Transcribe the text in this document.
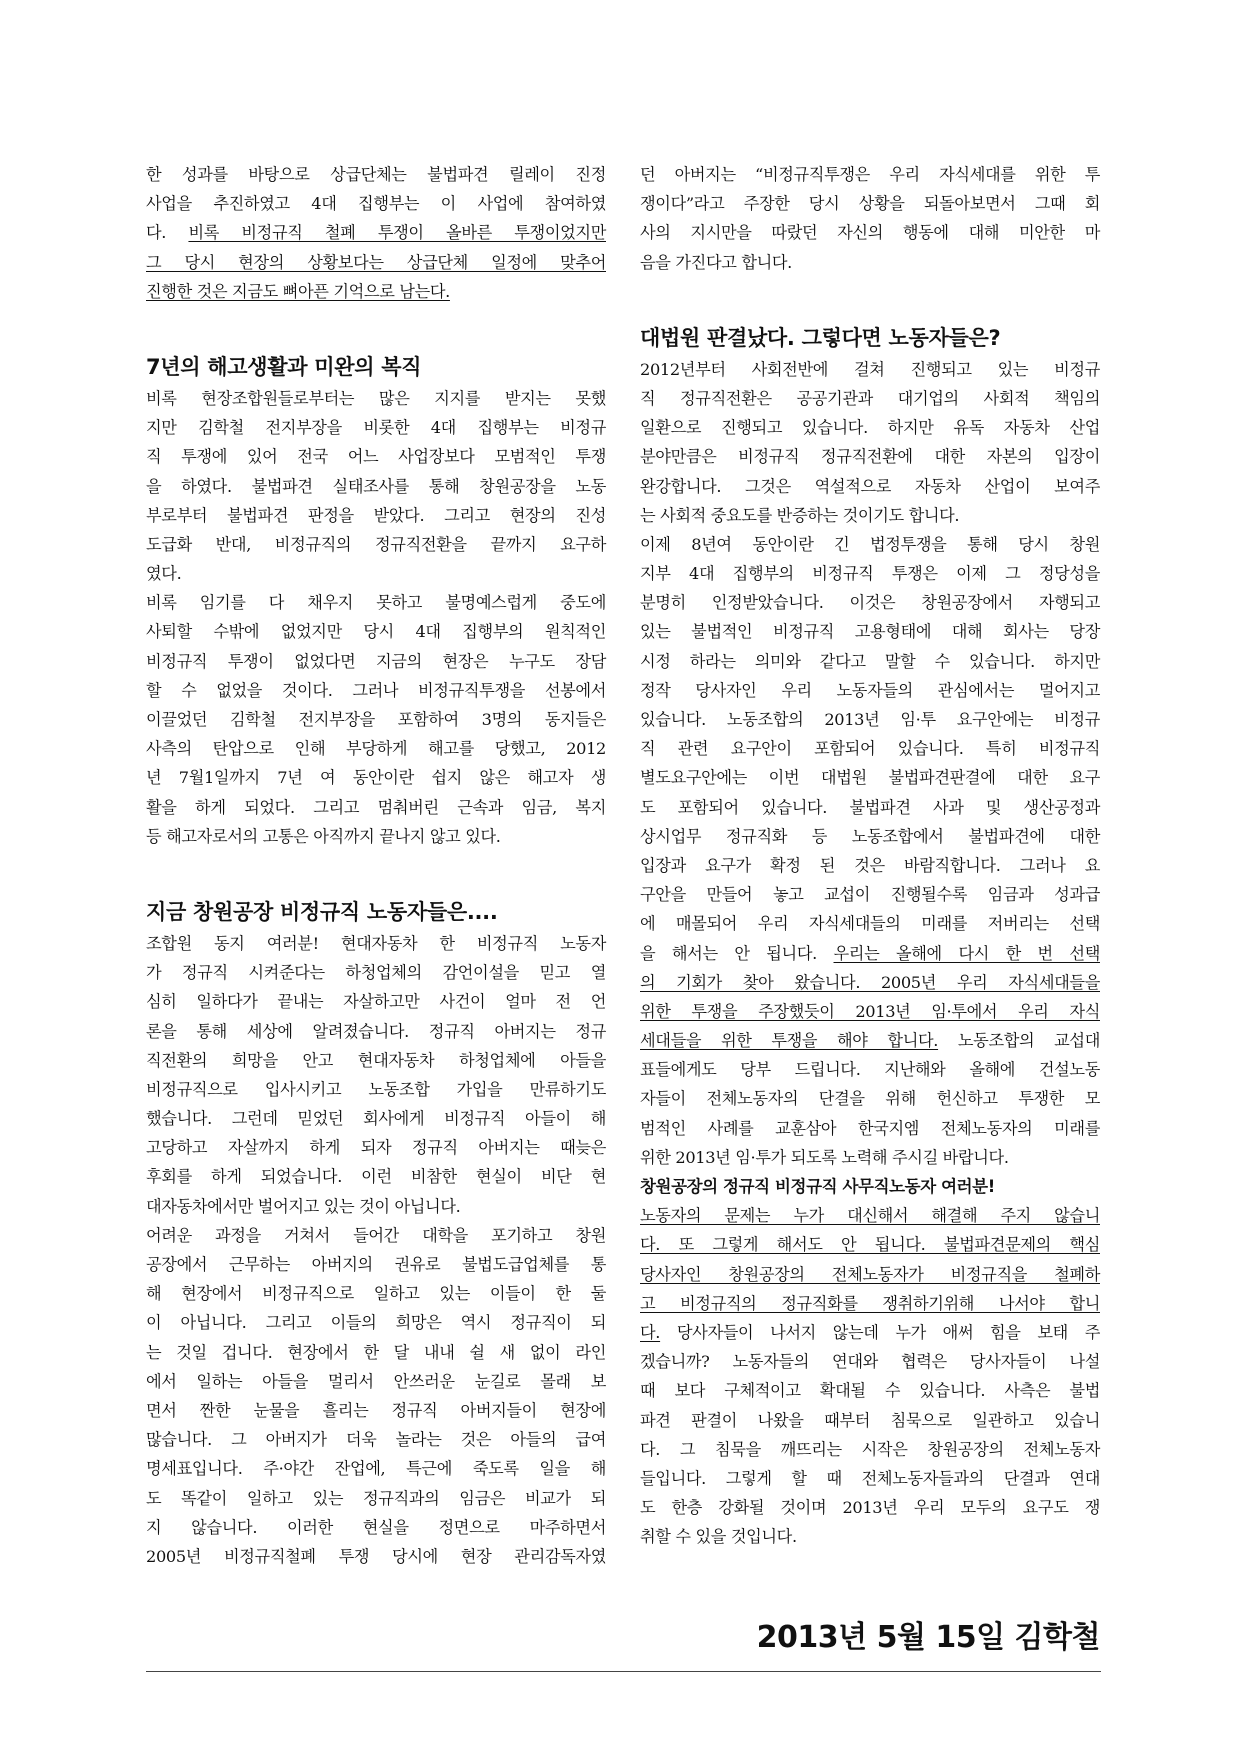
한 성과를 바탕으로 상급단체는 불법파견 릴레이 진정

사업을 추진하였고 4대 집행부는 이 사업에 참여하였

다. 비록 비정규직 철폐 투쟁이 올바른 투쟁이었지만

그 당시 현장의 상황보다는 상급단체 일정에 맞추어

진행한 것은 지금도 뼈아픈 기억으로 남는다.

7년의 해고생활과 미완의 복직

비록 현장조합원들로부터는 많은 지지를 받지는 못했

지만 김학철 전지부장을 비롯한 4대 집행부는 비정규

직 투쟁에 있어 전국 어느 사업장보다 모범적인 투쟁

을 하였다. 불법파견 실태조사를 통해 창원공장을 노동

부로부터 불법파견 판정을 받았다. 그리고 현장의 진성

도급화 반대, 비정규직의 정규직전환을 끝까지 요구하

였다.

비록 임기를 다 채우지 못하고 불명예스럽게 중도에

사퇴할 수밖에 없었지만 당시 4대 집행부의 원칙적인

비정규직 투쟁이 없었다면 지금의 현장은 누구도 장담

할 수 없었을 것이다. 그러나 비정규직투쟁을 선봉에서

이끌었던 김학철 전지부장을 포함하여 3명의 동지들은

사측의 탄압으로 인해 부당하게 해고를 당했고, 2012

년 7월1일까지 7년 여 동안이란 쉽지 않은 해고자 생

활을 하게 되었다. 그리고 멈춰버린 근속과 임금, 복지

등 해고자로서의 고통은 아직까지 끝나지 않고 있다.

지금 창원공장 비정규직 노동자들은....

조합원 동지 여러분! 현대자동차 한 비정규직 노동자

가 정규직 시켜준다는 하청업체의 감언이설을 믿고 열

심히 일하다가 끝내는 자살하고만 사건이 얼마 전 언

론을 통해 세상에 알려졌습니다. 정규직 아버지는 정규

직전환의 희망을 안고 현대자동차 하청업체에 아들을

비정규직으로 입사시키고 노동조합 가입을 만류하기도

했습니다. 그런데 믿었던 회사에게 비정규직 아들이 해

고당하고 자살까지 하게 되자 정규직 아버지는 때늦은

후회를 하게 되었습니다. 이런 비참한 현실이 비단 현

대자동차에서만 벌어지고 있는 것이 아닙니다.

어려운 과정을 거쳐서 들어간 대학을 포기하고 창원

공장에서 근무하는 아버지의 권유로 불법도급업체를 통

해 현장에서 비정규직으로 일하고 있는 이들이 한 둘

이 아닙니다. 그리고 이들의 희망은 역시 정규직이 되

는 것일 겁니다. 현장에서 한 달 내내 쉴 새 없이 라인

에서 일하는 아들을 멀리서 안쓰러운 눈길로 몰래 보

면서 짠한 눈물을 흘리는 정규직 아버지들이 현장에

많습니다. 그 아버지가 더욱 놀라는 것은 아들의 급여

명세표입니다. 주·야간 잔업에, 특근에 죽도록 일을 해

도 똑같이 일하고 있는 정규직과의 임금은 비교가 되

지 않습니다. 이러한 현실을 정면으로 마주하면서

2005년 비정규직철폐 투쟁 당시에 현장 관리감독자였

던 아버지는 “비정규직투쟁은 우리 자식세대를 위한 투

쟁이다”라고 주장한 당시 상황을 되돌아보면서 그때 회

사의 지시만을 따랐던 자신의 행동에 대해 미안한 마

음을 가진다고 합니다.

대법원 판결났다. 그렇다면 노동자들은?

2012년부터 사회전반에 걸쳐 진행되고 있는 비정규

직 정규직전환은 공공기관과 대기업의 사회적 책임의

일환으로 진행되고 있습니다. 하지만 유독 자동차 산업

분야만큼은 비정규직 정규직전환에 대한 자본의 입장이

완강합니다. 그것은 역설적으로 자동차 산업이 보여주

는 사회적 중요도를 반증하는 것이기도 합니다.

이제 8년여 동안이란 긴 법정투쟁을 통해 당시 창원

지부 4대 집행부의 비정규직 투쟁은 이제 그 정당성을

분명히 인정받았습니다. 이것은 창원공장에서 자행되고

있는 불법적인 비정규직 고용형태에 대해 회사는 당장

시정 하라는 의미와 같다고 말할 수 있습니다. 하지만

정작 당사자인 우리 노동자들의 관심에서는 멀어지고

있습니다. 노동조합의 2013년 임·투 요구안에는 비정규

직 관련 요구안이 포함되어 있습니다. 특히 비정규직

별도요구안에는 이번 대법원 불법파견판결에 대한 요구

도 포함되어 있습니다. 불법파견 사과 및 생산공정과

상시업무 정규직화 등 노동조합에서 불법파견에 대한

입장과 요구가 확정 된 것은 바람직합니다. 그러나 요

구안을 만들어 놓고 교섭이 진행될수록 임금과 성과급

에 매몰되어 우리 자식세대들의 미래를 저버리는 선택

을 해서는 안 됩니다. 우리는 올해에 다시 한 번 선택

의 기회가 찾아 왔습니다. 2005년 우리 자식세대들을

위한 투쟁을 주장했듯이 2013년 임·투에서 우리 자식

세대들을 위한 투쟁을 해야 합니다. 노동조합의 교섭대

표들에게도 당부 드립니다. 지난해와 올해에 건설노동

자들이 전체노동자의 단결을 위해 헌신하고 투쟁한 모

범적인 사례를 교훈삼아 한국지엠 전체노동자의 미래를

위한 2013년 임·투가 되도록 노력해 주시길 바랍니다.

창원공장의 정규직 비정규직 사무직노동자 여러분!

노동자의 문제는 누가 대신해서 해결해 주지 않습니

다. 또 그렇게 해서도 안 됩니다. 불법파견문제의 핵심

당사자인 창원공장의 전체노동자가 비정규직을 철폐하

고 비정규직의 정규직화를 쟁취하기위해 나서야 합니

다. 당사자들이 나서지 않는데 누가 애써 힘을 보태 주

겠습니까? 노동자들의 연대와 협력은 당사자들이 나설

때 보다 구체적이고 확대될 수 있습니다. 사측은 불법

파견 판결이 나왔을 때부터 침묵으로 일관하고 있습니

다. 그 침묵을 깨뜨리는 시작은 창원공장의 전체노동자

들입니다. 그렇게 할 때 전체노동자들과의 단결과 연대

도 한층 강화될 것이며 2013년 우리 모두의 요구도 쟁

취할 수 있을 것입니다.

2013년 5월 15일 김학철
